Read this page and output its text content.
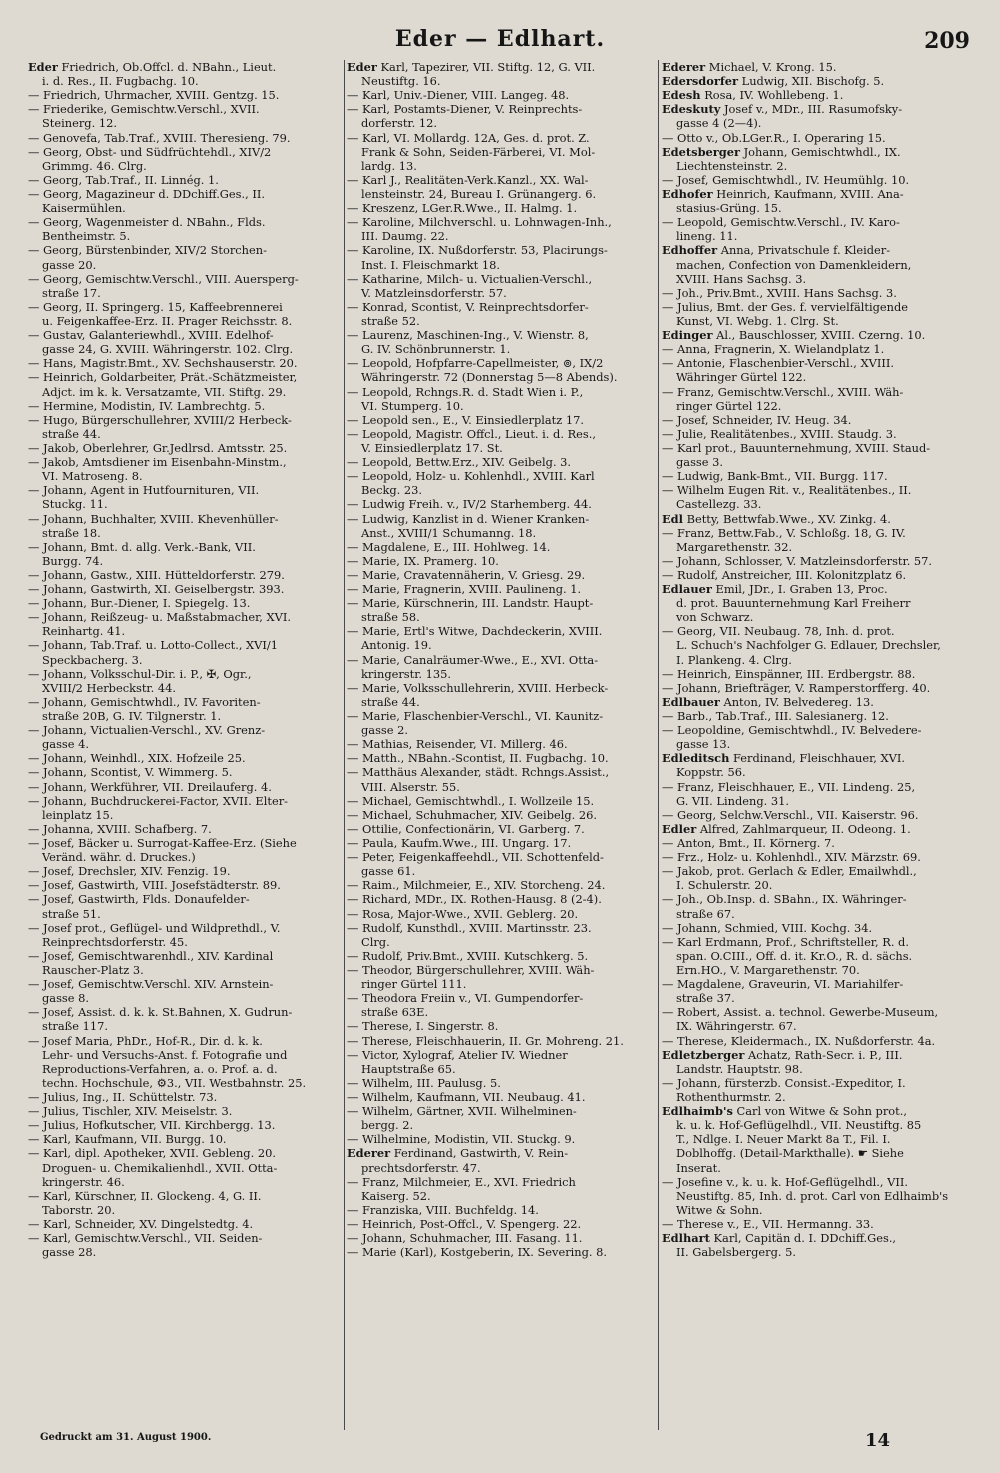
Eder — Edlhart.	209
Eder Friedrich, Ob.Offcl. d. NBahn., Lieut.
i. d. Res., II. Fugbachg. 10.
— Friedrich, Uhrmacher, XVIII. Gentzg. 15.
— Friederike, Gemischtw.Verschl., XVII.
Steinerg. 12.
— Genovefa, Tab.Traf., XVIII. Theresieng. 79.
— Georg, Obst- und Südfrüchtehdl., XIV/2
Grimmg. 46. Clrg.
— Georg, Tab.Traf., II. Linnég. 1.
— Georg, Magazineur d. DDchiff.Ges., II.
Kaisermühlen.
— Georg, Wagenmeister d. NBahn., Flds.
Bentheimstr. 5.
— Georg, Bürstenbinder, XIV/2 Storchen-
gasse 20.
— Georg, Gemischtw.Verschl., VIII. Auersperg-
straße 17.
— Georg, II. Springerg. 15, Kaffeebrennerei
u. Feigenkaffee-Erz. II. Prager Reichsstr. 8.
— Gustav, Galanteriewhdl., XVIII. Edelhof-
gasse 24, G. XVIII. Währingerstr. 102. Clrg.
— Hans, Magistr.Bmt., XV. Sechshauserstr. 20.
— Heinrich, Goldarbeiter, Prät.-Schätzmeister,
Adjct. im k. k. Versatzamte, VII. Stiftg. 29.
— Hermine, Modistin, IV. Lambrechtg. 5.
— Hugo, Bürgerschullehrer, XVIII/2 Herbeck-
straße 44.
— Jakob, Oberlehrer, Gr.Jedlrsd. Amtsstr. 25.
— Jakob, Amtsdiener im Eisenbahn-Minstm.,
VI. Matroseng. 8.
— Johann, Agent in Hutfournituren, VII.
Stuckg. 11.
— Johann, Buchhalter, XVIII. Khevenhüller-
straße 18.
— Johann, Bmt. d. allg. Verk.-Bank, VII.
Burgg. 74.
— Johann, Gastw., XIII. Hütteldorferstr. 279.
— Johann, Gastwirth, XI. Geiselbergstr. 393.
— Johann, Bur.-Diener, I. Spiegelg. 13.
— Johann, Reißzeug- u. Maßstabmacher, XVI.
Reinhartg. 41.
— Johann, Tab.Traf. u. Lotto-Collect., XVI/1
Speckbacherg. 3.
— Johann, Volksschul-Dir. i. P., ✠, Ogr.,
XVIII/2 Herbeckstr. 44.
— Johann, Gemischtwhdl., IV. Favoriten-
straße 20B, G. IV. Tilgnerstr. 1.
— Johann, Victualien-Verschl., XV. Grenz-
gasse 4.
— Johann, Weinhdl., XIX. Hofzeile 25.
— Johann, Scontist, V. Wimmerg. 5.
— Johann, Werkführer, VII. Dreilauferg. 4.
— Johann, Buchdruckerei-Factor, XVII. Elter-
leinplatz 15.
— Johanna, XVIII. Schafberg. 7.
— Josef, Bäcker u. Surrogat-Kaffee-Erz. (Siehe
Veränd. währ. d. Druckes.)
— Josef, Drechsler, XIV. Fenzig. 19.
— Josef, Gastwirth, VIII. Josefstädterstr. 89.
— Josef, Gastwirth, Flds. Donaufelder-
straße 51.
— Josef prot., Geflügel- und Wildprethdl., V.
Reinprechtsdorferstr. 45.
— Josef, Gemischtwarenhdl., XIV. Kardinal
Rauscher-Platz 3.
— Josef, Gemischtw.Verschl. XIV. Arnstein-
gasse 8.
— Josef, Assist. d. k. k. St.Bahnen, X. Gudrun-
straße 117.
— Josef Maria, PhDr., Hof-R., Dir. d. k. k.
Lehr- und Versuchs-Anst. f. Fotografie und
Reproductions-Verfahren, a. o. Prof. a. d.
techn. Hochschule, ⚙3., VII. Westbahnstr. 25.
— Julius, Ing., II. Schüttelstr. 73.
— Julius, Tischler, XIV. Meiselstr. 3.
— Julius, Hofkutscher, VII. Kirchbergg. 13.
— Karl, Kaufmann, VII. Burgg. 10.
— Karl, dipl. Apotheker, XVII. Gebleng. 20.
Droguen- u. Chemikalienhdl., XVII. Otta-
kringerstr. 46.
— Karl, Kürschner, II. Glockeng. 4, G. II.
Taborstr. 20.
— Karl, Schneider, XV. Dingelstedtg. 4.
— Karl, Gemischtw.Verschl., VII. Seiden-
gasse 28.
Eder Karl, Tapezirer, VII. Stiftg. 12, G. VII.
Neustiftg. 16.
— Karl, Univ.-Diener, VIII. Langeg. 48.
— Karl, Postamts-Diener, V. Reinprechts-
dorferstr. 12.
— Karl, VI. Mollardg. 12A, Ges. d. prot. Z.
Frank & Sohn, Seiden-Färberei, VI. Mol-
lardg. 13.
— Karl J., Realitäten-Verk.Kanzl., XX. Wal-
lensteinstr. 24, Bureau I. Grünangerg. 6.
— Kreszenz, LGer.R.Wwe., II. Halmg. 1.
— Karoline, Milchverschl. u. Lohnwagen-Inh.,
III. Daumg. 22.
— Karoline, IX. Nußdorferstr. 53, Placirungs-
Inst. I. Fleischmarkt 18.
— Katharine, Milch- u. Victualien-Verschl.,
V. Matzleinsdorferstr. 57.
— Konrad, Scontist, V. Reinprechtsdorfer-
straße 52.
— Laurenz, Maschinen-Ing., V. Wienstr. 8,
G. IV. Schönbrunnerstr. 1.
— Leopold, Hofpfarre-Capellmeister, ⊚, IX/2
Währingerstr. 72 (Donnerstag 5—8 Abends).
— Leopold, Rchngs.R. d. Stadt Wien i. P.,
VI. Stumperg. 10.
— Leopold sen., E., V. Einsiedlerplatz 17.
— Leopold, Magistr. Offcl., Lieut. i. d. Res.,
V. Einsiedlerplatz 17. St.
— Leopold, Bettw.Erz., XIV. Geibelg. 3.
— Leopold, Holz- u. Kohlenhdl., XVIII. Karl
Beckg. 23.
— Ludwig Freih. v., IV/2 Starhemberg. 44.
— Ludwig, Kanzlist in d. Wiener Kranken-
Anst., XVIII/1 Schumanng. 18.
— Magdalene, E., III. Hohlweg. 14.
— Marie, IX. Pramerg. 10.
— Marie, Cravatennäherin, V. Griesg. 29.
— Marie, Fragnerin, XVIII. Paulineng. 1.
— Marie, Kürschnerin, III. Landstr. Haupt-
straße 58.
— Marie, Ertl's Witwe, Dachdeckerin, XVIII.
Antonig. 19.
— Marie, Canalräumer-Wwe., E., XVI. Otta-
kringerstr. 135.
— Marie, Volksschullehrerin, XVIII. Herbeck-
straße 44.
— Marie, Flaschenbier-Verschl., VI. Kaunitz-
gasse 2.
— Mathias, Reisender, VI. Millerg. 46.
— Matth., NBahn.-Scontist, II. Fugbachg. 10.
— Matthäus Alexander, städt. Rchngs.Assist.,
VIII. Alserstr. 55.
— Michael, Gemischtwhdl., I. Wollzeile 15.
— Michael, Schuhmacher, XIV. Geibelg. 26.
— Ottilie, Confectionärin, VI. Garberg. 7.
— Paula, Kaufm.Wwe., III. Ungarg. 17.
— Peter, Feigenkaffeehdl., VII. Schottenfeld-
gasse 61.
— Raim., Milchmeier, E., XIV. Storcheng. 24.
— Richard, MDr., IX. Rothen-Hausg. 8 (2-4).
— Rosa, Major-Wwe., XVII. Geblerg. 20.
— Rudolf, Kunsthdl., XVIII. Martinsstr. 23.
Clrg.
— Rudolf, Priv.Bmt., XVIII. Kutschkerg. 5.
— Theodor, Bürgerschullehrer, XVIII. Wäh-
ringer Gürtel 111.
— Theodora Freiin v., VI. Gumpendorfer-
straße 63E.
— Therese, I. Singerstr. 8.
— Therese, Fleischhauerin, II. Gr. Mohreng. 21.
— Victor, Xylograf, Atelier IV. Wiedner
Hauptstraße 65.
— Wilhelm, III. Paulusg. 5.
— Wilhelm, Kaufmann, VII. Neubaug. 41.
— Wilhelm, Gärtner, XVII. Wilhelminen-
bergg. 2.
— Wilhelmine, Modistin, VII. Stuckg. 9.
Ederer Ferdinand, Gastwirth, V. Rein-
prechtsdorferstr. 47.
— Franz, Milchmeier, E., XVI. Friedrich
Kaiserg. 52.
— Franziska, VIII. Buchfeldg. 14.
— Heinrich, Post-Offcl., V. Spengerg. 22.
— Johann, Schuhmacher, III. Fasang. 11.
— Marie (Karl), Kostgeberin, IX. Severing. 8.
Ederer Michael, V. Krong. 15.
Edersdorfer Ludwig, XII. Bischofg. 5.
Edesh Rosa, IV. Wohllebeng. 1.
Edeskuty Josef v., MDr., III. Rasumofsky-
gasse 4 (2—4).
— Otto v., Ob.LGer.R., I. Operaring 15.
Edetsberger Johann, Gemischtwhdl., IX.
Liechtensteinstr. 2.
— Josef, Gemischtwhdl., IV. Heumühlg. 10.
Edhofer Heinrich, Kaufmann, XVIII. Ana-
stasius-Grüng. 15.
— Leopold, Gemischtw.Verschl., IV. Karo-
lineng. 11.
Edhoffer Anna, Privatschule f. Kleider-
machen, Confection von Damenkleidern,
XVIII. Hans Sachsg. 3.
— Joh., Priv.Bmt., XVIII. Hans Sachsg. 3.
— Julius, Bmt. der Ges. f. vervielfältigende
Kunst, VI. Webg. 1. Clrg. St.
Edinger Al., Bauschlosser, XVIII. Czerng. 10.
— Anna, Fragnerin, X. Wielandplatz 1.
— Antonie, Flaschenbier-Verschl., XVIII.
Währinger Gürtel 122.
— Franz, Gemischtw.Verschl., XVIII. Wäh-
ringer Gürtel 122.
— Josef, Schneider, IV. Heug. 34.
— Julie, Realitätenbes., XVIII. Staudg. 3.
— Karl prot., Bauunternehmung, XVIII. Staud-
gasse 3.
— Ludwig, Bank-Bmt., VII. Burgg. 117.
— Wilhelm Eugen Rit. v., Realitätenbes., II.
Castellezg. 33.
Edl Betty, Bettwfab.Wwe., XV. Zinkg. 4.
— Franz, Bettw.Fab., V. Schloßg. 18, G. IV.
Margarethenstr. 32.
— Johann, Schlosser, V. Matzleinsdorferstr. 57.
— Rudolf, Anstreicher, III. Kolonitzplatz 6.
Edlauer Emil, JDr., I. Graben 13, Proc.
d. prot. Bauunternehmung Karl Freiherr
von Schwarz.
— Georg, VII. Neubaug. 78, Inh. d. prot.
L. Schuch's Nachfolger G. Edlauer, Drechsler,
I. Plankeng. 4. Clrg.
— Heinrich, Einspänner, III. Erdbergstr. 88.
— Johann, Briefträger, V. Ramperstorfferg. 40.
Edlbauer Anton, IV. Belvedereg. 13.
— Barb., Tab.Traf., III. Salesianerg. 12.
— Leopoldine, Gemischtwhdl., IV. Belvedere-
gasse 13.
Edleditsch Ferdinand, Fleischhauer, XVI.
Koppstr. 56.
— Franz, Fleischhauer, E., VII. Lindeng. 25,
G. VII. Lindeng. 31.
— Georg, Selchw.Verschl., VII. Kaiserstr. 96.
Edler Alfred, Zahlmarqueur, II. Odeong. 1.
— Anton, Bmt., II. Körnerg. 7.
— Frz., Holz- u. Kohlenhdl., XIV. Märzstr. 69.
— Jakob, prot. Gerlach & Edler, Emailwhdl.,
I. Schulerstr. 20.
— Joh., Ob.Insp. d. SBahn., IX. Währinger-
straße 67.
— Johann, Schmied, VIII. Kochg. 34.
— Karl Erdmann, Prof., Schriftsteller, R. d.
span. O.CIII., Off. d. it. Kr.O., R. d. sächs.
Ern.HO., V. Margarethenstr. 70.
— Magdalene, Graveurin, VI. Mariahilfer-
straße 37.
— Robert, Assist. a. technol. Gewerbe-Museum,
IX. Währingerstr. 67.
— Therese, Kleidermach., IX. Nußdorferstr. 4a.
Edletzberger Achatz, Rath-Secr. i. P., III.
Landstr. Hauptstr. 98.
— Johann, fürsterzb. Consist.-Expeditor, I.
Rothenthurmstr. 2.
Edlhaimb's Carl von Witwe & Sohn prot.,
k. u. k. Hof-Geflügelhdl., VII. Neustiftg. 85
T., Ndlge. I. Neuer Markt 8a T., Fil. I.
Doblhoffg. (Detail-Markthalle). ☛ Siehe
Inserat.
— Josefine v., k. u. k. Hof-Geflügelhdl., VII.
Neustiftg. 85, Inh. d. prot. Carl von Edlhaimb's
Witwe & Sohn.
— Therese v., E., VII. Hermanng. 33.
Edlhart Karl, Capitän d. I. DDchiff.Ges.,
II. Gabelsbergerg. 5.
Gedruckt am 31. August 1900.	14
